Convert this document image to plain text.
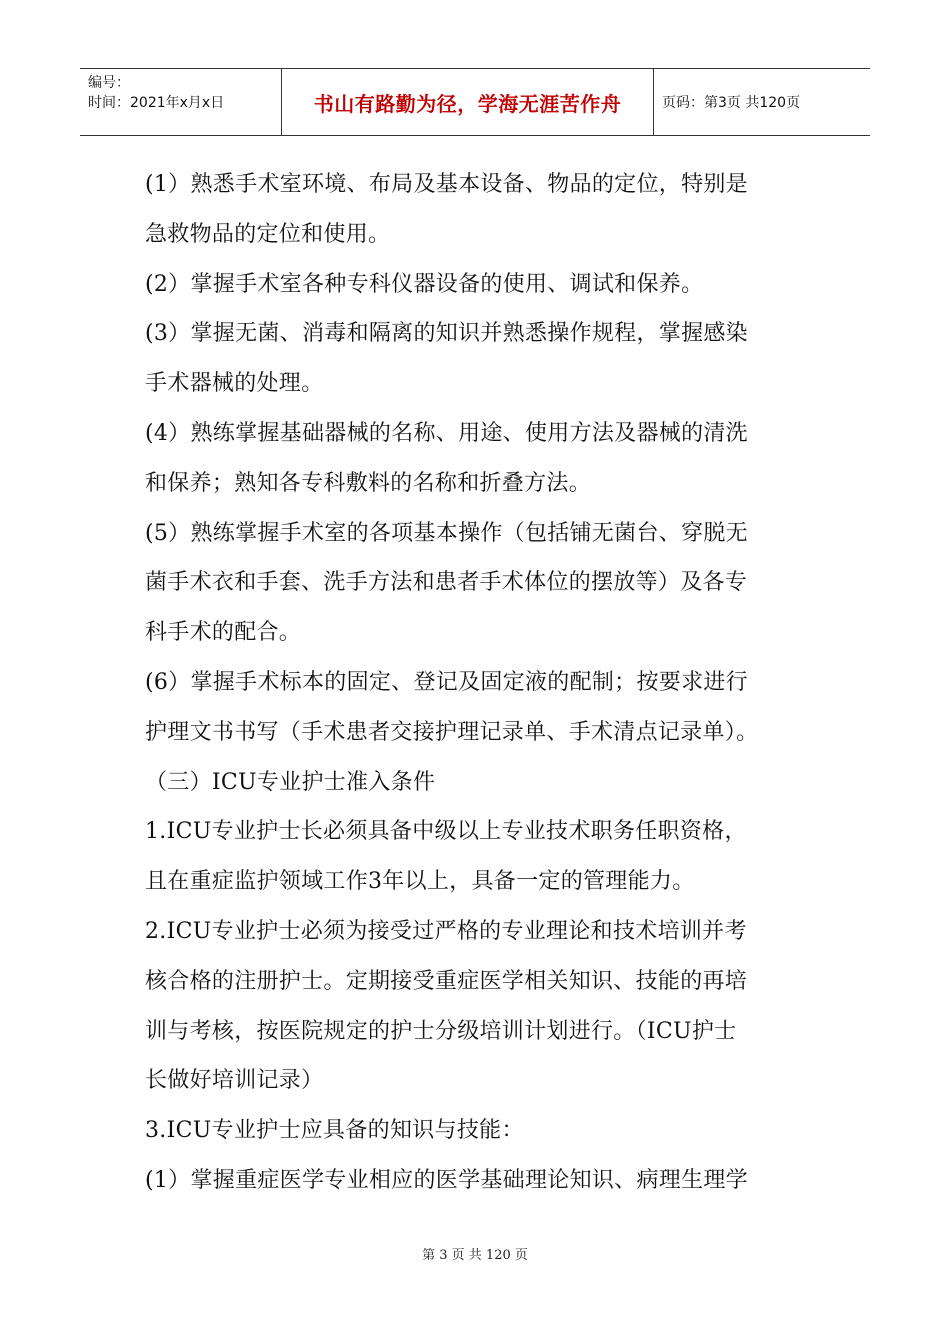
编号：
时间：2021年x月x日	书山有路勤为径，学海无涯苦作舟	页码：第3页 共120页
(1）熟悉手术室环境、布局及基本设备、物品的定位，特别是
急救物品的定位和使用。
(2）掌握手术室各种专科仪器设备的使用、调试和保养。
(3）掌握无菌、消毒和隔离的知识并熟悉操作规程，掌握感染
手术器械的处理。
(4）熟练掌握基础器械的名称、用途、使用方法及器械的清洗
和保养；熟知各专科敷料的名称和折叠方法。
(5）熟练掌握手术室的各项基本操作（包括铺无菌台、穿脱无
菌手术衣和手套、洗手方法和患者手术体位的摆放等）及各专
科手术的配合。
(6）掌握手术标本的固定、登记及固定液的配制；按要求进行
护理文书书写（手术患者交接护理记录单、手术清点记录单）。
（三）ICU专业护士准入条件
1.ICU专业护士长必须具备中级以上专业技术职务任职资格，
且在重症监护领域工作3年以上，具备一定的管理能力。
2.ICU专业护士必须为接受过严格的专业理论和技术培训并考
核合格的注册护士。定期接受重症医学相关知识、技能的再培
训与考核，按医院规定的护士分级培训计划进行。（ICU护士
长做好培训记录）
3.ICU专业护士应具备的知识与技能：
(1）掌握重症医学专业相应的医学基础理论知识、病理生理学
第 3 页 共 120 页
